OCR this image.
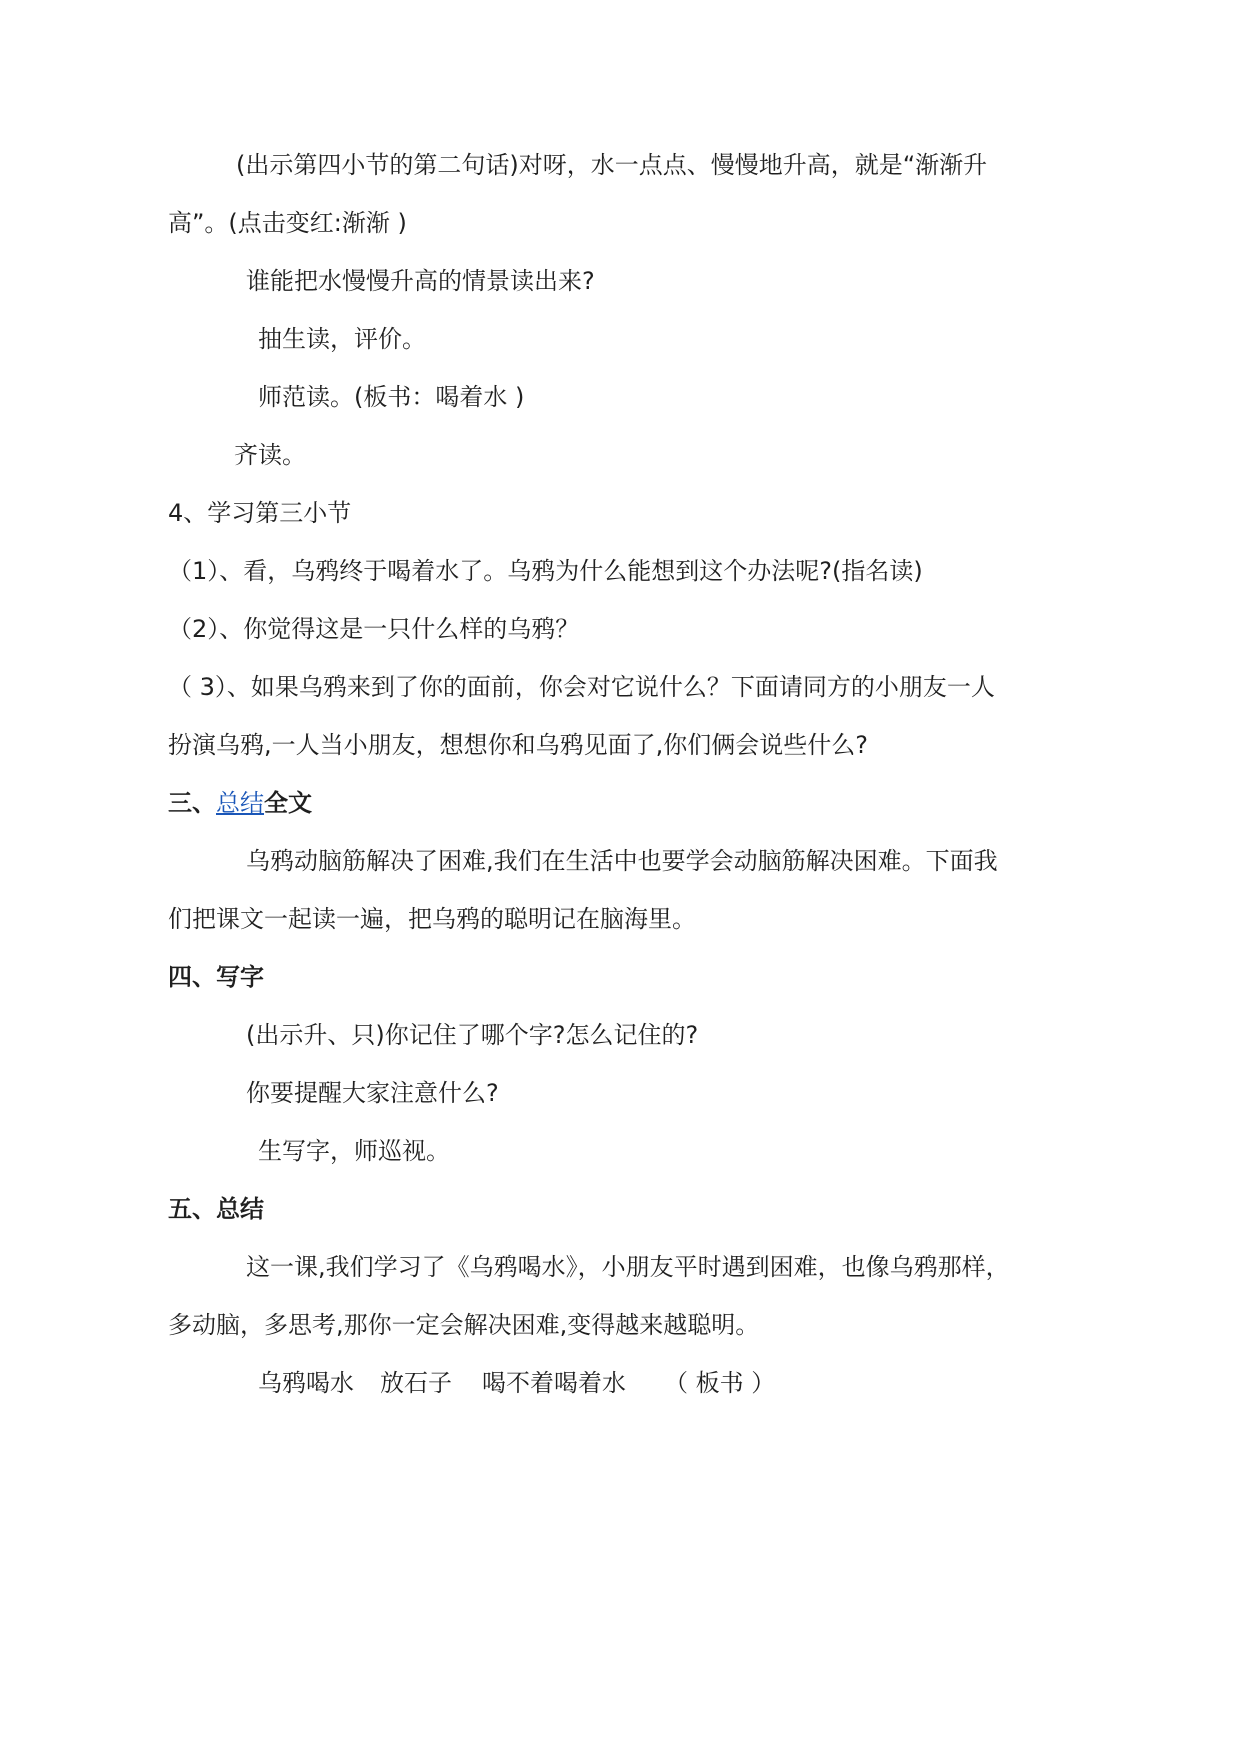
(出示第四小节的第二句话)对呀，水一点点、慢慢地升高，就是“渐渐升
高”。(点击变红:渐渐 )
谁能把水慢慢升高的情景读出来?
抽生读，评价。
师范读。(板书：喝着水 )
齐读。
4、学习第三小节
（1）、看，乌鸦终于喝着水了。乌鸦为什么能想到这个办法呢?(指名读)
（2）、你觉得这是一只什么样的乌鸦？
（ 3）、如果乌鸦来到了你的面前，你会对它说什么？下面请同方的小朋友一人
扮演乌鸦,一人当小朋友，想想你和乌鸦见面了,你们俩会说些什么?
三、总结全文
乌鸦动脑筋解决了困难,我们在生活中也要学会动脑筋解决困难。下面我
们把课文一起读一遍，把乌鸦的聪明记在脑海里。
四、写字
(出示升、只)你记住了哪个字?怎么记住的?
你要提醒大家注意什么?
生写字，师巡视。
五、总结
这一课,我们学习了《乌鸦喝水》，小朋友平时遇到困难，也像乌鸦那样，
多动脑，多思考,那你一定会解决困难,变得越来越聪明。
乌鸦喝水 放石子 喝不着喝着水 （ 板书 ）
